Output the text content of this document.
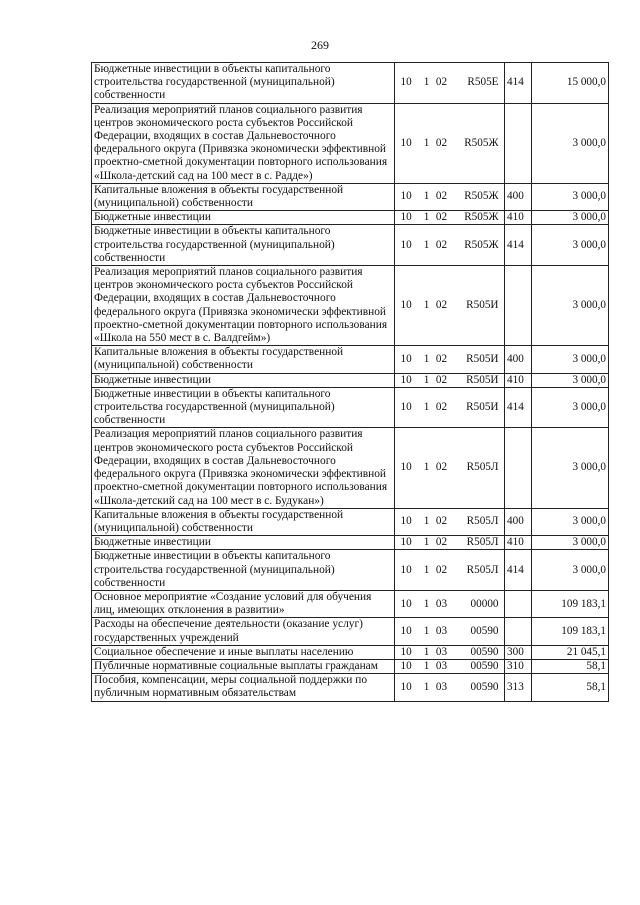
269
Бюджетные инвестиции в объекты капитального строительства государственной (муниципальной) собственности	10 1 02 R505E	414	15 000,0
Реализация мероприятий планов социального развития центров экономического роста субъектов Российской Федерации, входящих в состав Дальневосточного федерального округа (Привязка экономически эффективной проектно-сметной документации повторного использования «Школа-детский сад на 100 мест в с. Радде»)	10 1 02 R505Ж		3 000,0
Капитальные вложения в объекты государственной (муниципальной) собственности	10 1 02 R505Ж	400	3 000,0
Бюджетные инвестиции	10 1 02 R505Ж	410	3 000,0
Бюджетные инвестиции в объекты капитального строительства государственной (муниципальной) собственности	10 1 02 R505Ж	414	3 000,0
Реализация мероприятий планов социального развития центров экономического роста субъектов Российской Федерации, входящих в состав Дальневосточного федерального округа (Привязка экономически эффективной проектно-сметной документации повторного использования «Школа на 550 мест в с. Валдгейм»)	10 1 02 R505И		3 000,0
Капитальные вложения в объекты государственной (муниципальной) собственности	10 1 02 R505И	400	3 000,0
Бюджетные инвестиции	10 1 02 R505И	410	3 000,0
Бюджетные инвестиции в объекты капитального строительства государственной (муниципальной) собственности	10 1 02 R505И	414	3 000,0
Реализация мероприятий планов социального развития центров экономического роста субъектов Российской Федерации, входящих в состав Дальневосточного федерального округа (Привязка экономически эффективной проектно-сметной документации повторного использования «Школа-детский сад на 100 мест в с. Будукан»)	10 1 02 R505Л		3 000,0
Капитальные вложения в объекты государственной (муниципальной) собственности	10 1 02 R505Л	400	3 000,0
Бюджетные инвестиции	10 1 02 R505Л	410	3 000,0
Бюджетные инвестиции в объекты капитального строительства государственной (муниципальной) собственности	10 1 02 R505Л	414	3 000,0
Основное мероприятие «Создание условий для обучения лиц, имеющих отклонения в развитии»	10 1 03 00000		109 183,1
Расходы на обеспечение деятельности (оказание услуг) государственных учреждений	10 1 03 00590		109 183,1
Социальное обеспечение и иные выплаты населению	10 1 03 00590	300	21 045,1
Публичные нормативные социальные выплаты гражданам	10 1 03 00590	310	58,1
Пособия, компенсации, меры социальной поддержки по публичным нормативным обязательствам	10 1 03 00590	313	58,1
